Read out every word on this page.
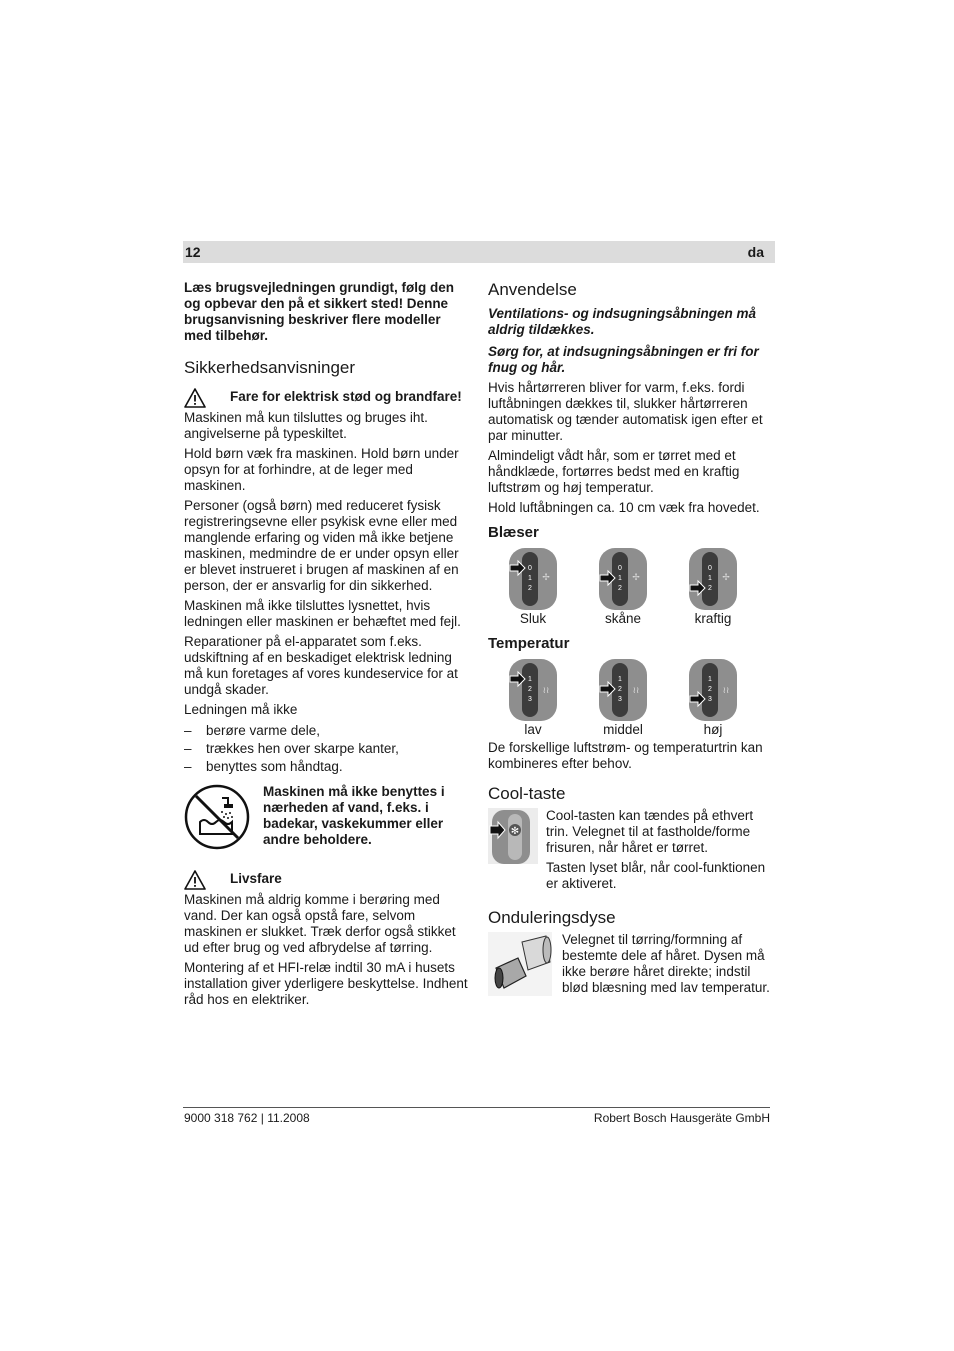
12	da

Læs brugsvejledningen grundigt, følg den og opbevar den på et sikkert sted! Denne brugsanvisning beskriver flere modeller med tilbehør.

Sikkerhedsanvisninger
Fare for elektrisk stød og brandfare!

Maskinen må kun tilsluttes og bruges iht. angivelserne på typeskiltet.

Hold børn væk fra maskinen. Hold børn under opsyn for at forhindre, at de leger med maskinen.

Personer (også børn) med reduceret fysisk registreringsevne eller psykisk evne eller med manglende erfaring og viden må ikke betjene maskinen, medmindre de er under opsyn eller er blevet instrueret i brugen af maskinen af en person, der er ansvarlig for din sikkerhed.

Maskinen må ikke tilsluttes lysnettet, hvis ledningen eller maskinen er behæftet med fejl.

Reparationer på el-apparatet som f.eks. udskiftning af en beskadiget elektrisk ledning må kun foretages af vores kundeservice for at undgå skader.

Ledningen må ikke

– berøre varme dele,
– trækkes hen over skarpe kanter,
– benyttes som håndtag.
Maskinen må ikke benyttes i nærheden af vand, f.eks. i badekar, vaskekummer eller andre beholdere.
Livsfare

Maskinen må aldrig komme i berøring med vand. Der kan også opstå fare, selvom maskinen er slukket. Træk derfor også stikket ud efter brug og ved afbrydelse af tørring.

Montering af et HFI-relæ indtil 30 mA i husets installation giver yderligere beskyttelse. Indhent råd hos en elektriker.

Anvendelse

Ventilations- og indsugningsåbningen må aldrig tildækkes.

Sørg for, at indsugningsåbningen er fri for fnug og hår.

Hvis hårtørreren bliver for varm, f.eks. fordi luftåbningen dækkes til, slukker hårtørreren automatisk og tænder automatisk igen efter et par minutter.

Almindeligt vådt hår, som er tørret med et håndklæde, fortørres bedst med en kraftig luftstrøm og høj temperatur.

Hold luftåbningen ca. 10 cm væk fra hovedet.

Blæser
0
1
2
✢
Sluk
0
1
2
✢
skåne
0
1
2
✢
kraftig
Temperatur
1
2
3
≀≀
lav
1
2
3
≀≀
middel
1
2
3
≀≀
høj

De forskellige luftstrøm- og temperaturtrin kan kombineres efter behov.

Cool-taste
✻

Cool-tasten kan tændes på ethvert trin. Velegnet til at fastholde/forme frisuren, når håret er tørret.

Tasten lyset blår, når cool-funktionen er aktiveret.

Onduleringsdyse

Velegnet til tørring/formning af bestemte dele af håret. Dysen må ikke berøre håret direkte; indstil blød blæsning med lav temperatur.

9000 318 762 | 11.2008	Robert Bosch Hausgeräte GmbH
